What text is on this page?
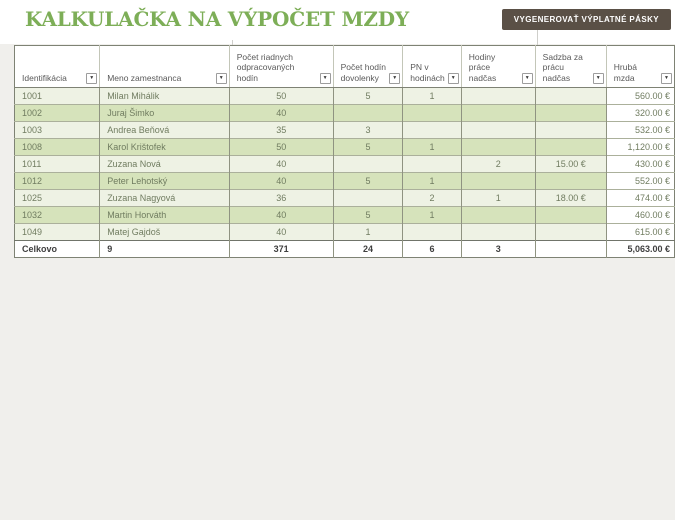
KALKULAČKA NA VÝPOČET MZDY	VYGENEROVAŤ VÝPLATNÉ PÁSKY
Identifikácia ▼	Meno zamestnanca ▼	Počet riadnych odpracovaných hodín ▼	Počet hodín dovolenky ▼	PN v hodinách ▼	Hodiny práce nadčas ▼	Sadzba za prácu nadčas ▼	Hrubá mzda ▼

1001	Milan Mihálik	50	5	1			560.00 €
1002	Juraj Šimko	40					320.00 €
1003	Andrea Beňová	35	3				532.00 €
1008	Karol Krištofek	50	5	1			1,120.00 €
1011	Zuzana Nová	40			2	15.00 €	430.00 €
1012	Peter Lehotský	40	5	1			552.00 €
1025	Zuzana Nagyová	36		2	1	18.00 €	474.00 €
1032	Martin Horváth	40	5	1			460.00 €
1049	Matej Gajdoš	40	1				615.00 €
Celkovo	9	371	24	6	3		5,063.00 €
